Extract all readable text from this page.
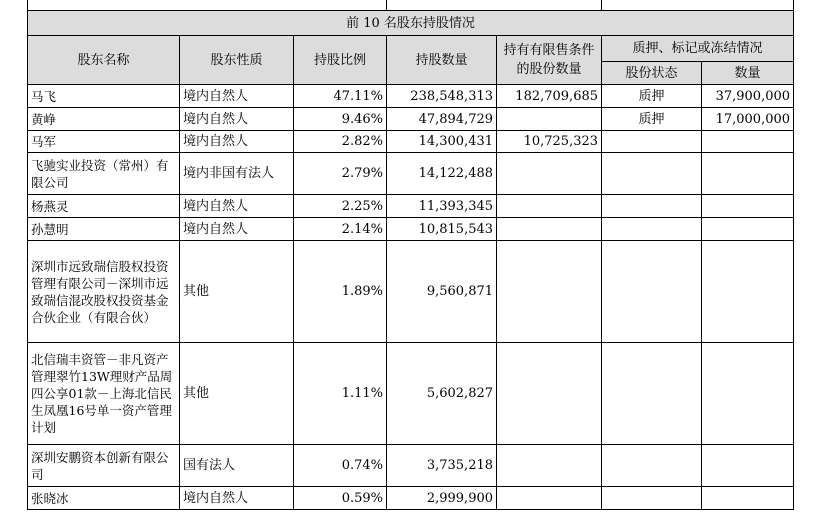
前 10 名股东持股情况						
股东名称	股东性质	持股比例	持股数量	持有有限售条件的股份数量	质押、标记或冻结情况	
					股份状态	数量
马飞	境内自然人	47.11%	238,548,313	182,709,685	质押	37,900,000
黄峥	境内自然人	9.46%	47,894,729		质押	17,000,000
马军	境内自然人	2.82%	14,300,431	10,725,323		
飞驰实业投资（常州）有限公司	境内非国有法人	2.79%	14,122,488			
杨燕灵	境内自然人	2.25%	11,393,345			
孙慧明	境内自然人	2.14%	10,815,543			
深圳市远致瑞信股权投资管理有限公司－深圳市远致瑞信混改股权投资基金合伙企业（有限合伙）	其他	1.89%	9,560,871			
北信瑞丰资管－非凡资产管理翠竹13W理财产品周四公享01款－上海北信民生凤凰16号单一资产管理计划	其他	1.11%	5,602,827			
深圳安鹏资本创新有限公司	国有法人	0.74%	3,735,218			
张晓冰	境内自然人	0.59%	2,999,900			
